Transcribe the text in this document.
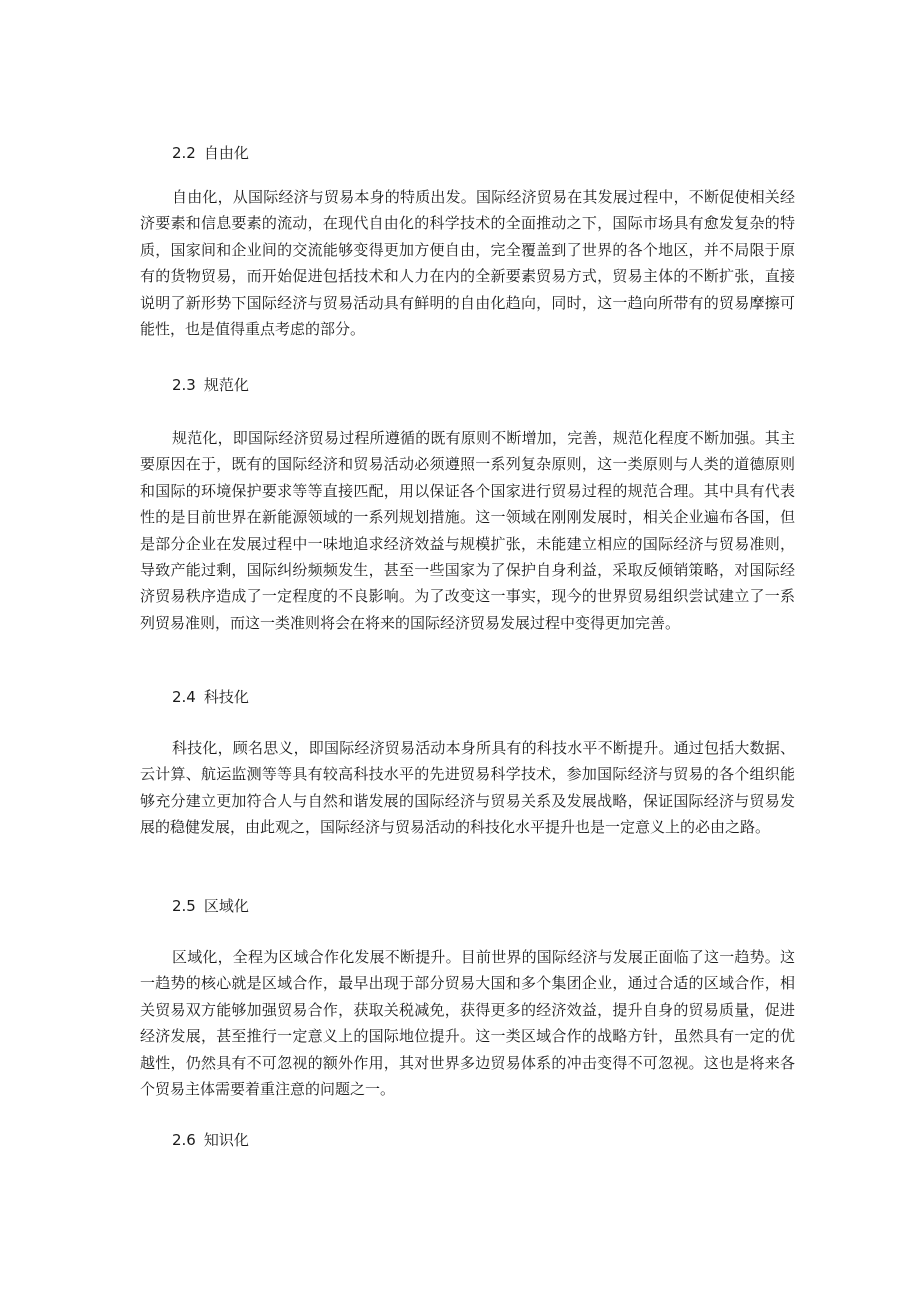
2.2 自由化

自由化，从国际经济与贸易本身的特质出发。国际经济贸易在其发展过程中，不断促使相关经济要素和信息要素的流动，在现代自由化的科学技术的全面推动之下，国际市场具有愈发复杂的特质，国家间和企业间的交流能够变得更加方便自由，完全覆盖到了世界的各个地区，并不局限于原有的货物贸易，而开始促进包括技术和人力在内的全新要素贸易方式，贸易主体的不断扩张，直接说明了新形势下国际经济与贸易活动具有鲜明的自由化趋向，同时，这一趋向所带有的贸易摩擦可能性，也是值得重点考虑的部分。

2.3 规范化

规范化，即国际经济贸易过程所遵循的既有原则不断增加，完善，规范化程度不断加强。其主要原因在于，既有的国际经济和贸易活动必须遵照一系列复杂原则，这一类原则与人类的道德原则和国际的环境保护要求等等直接匹配，用以保证各个国家进行贸易过程的规范合理。其中具有代表性的是目前世界在新能源领域的一系列规划措施。这一领域在刚刚发展时，相关企业遍布各国，但是部分企业在发展过程中一味地追求经济效益与规模扩张，未能建立相应的国际经济与贸易准则，导致产能过剩，国际纠纷频频发生，甚至一些国家为了保护自身利益，采取反倾销策略，对国际经济贸易秩序造成了一定程度的不良影响。为了改变这一事实，现今的世界贸易组织尝试建立了一系列贸易准则，而这一类准则将会在将来的国际经济贸易发展过程中变得更加完善。

2.4 科技化

科技化，顾名思义，即国际经济贸易活动本身所具有的科技水平不断提升。通过包括大数据、云计算、航运监测等等具有较高科技水平的先进贸易科学技术，参加国际经济与贸易的各个组织能够充分建立更加符合人与自然和谐发展的国际经济与贸易关系及发展战略，保证国际经济与贸易发展的稳健发展，由此观之，国际经济与贸易活动的科技化水平提升也是一定意义上的必由之路。

2.5 区域化

区域化，全程为区域合作化发展不断提升。目前世界的国际经济与发展正面临了这一趋势。这一趋势的核心就是区域合作，最早出现于部分贸易大国和多个集团企业，通过合适的区域合作，相关贸易双方能够加强贸易合作，获取关税减免，获得更多的经济效益，提升自身的贸易质量，促进经济发展，甚至推行一定意义上的国际地位提升。这一类区域合作的战略方针，虽然具有一定的优越性，仍然具有不可忽视的额外作用，其对世界多边贸易体系的冲击变得不可忽视。这也是将来各个贸易主体需要着重注意的问题之一。

2.6 知识化
